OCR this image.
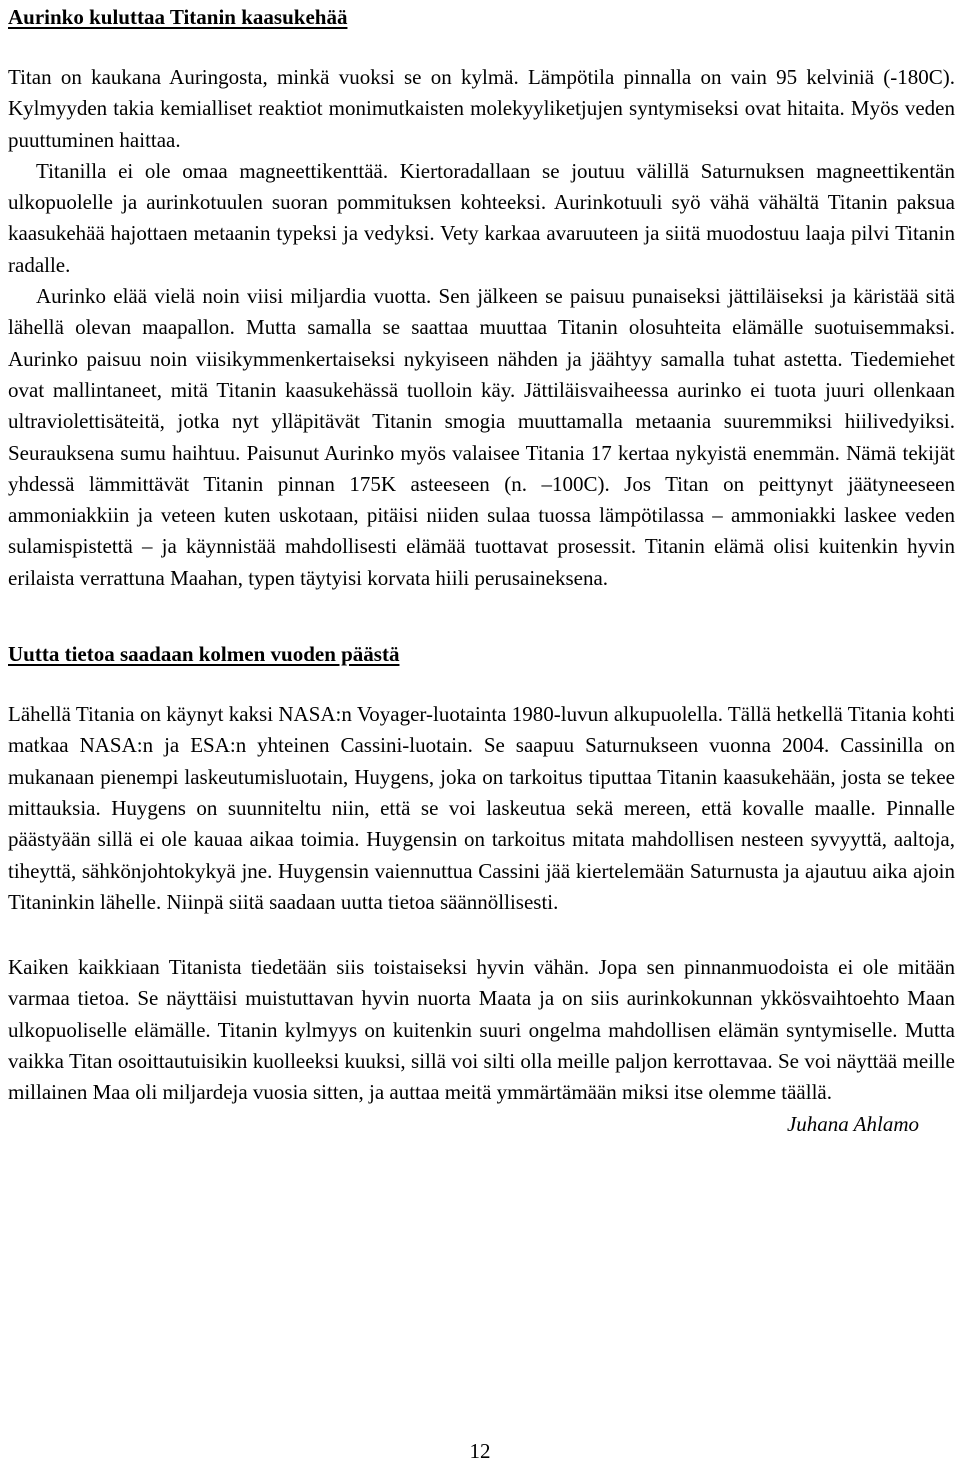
Aurinko kuluttaa Titanin kaasukehää

Titan on kaukana Auringosta, minkä vuoksi se on kylmä. Lämpötila pinnalla on vain 95 kelviniä (-180C). Kylmyyden takia kemialliset reaktiot monimutkaisten molekyyliketjujen syntymiseksi ovat hitaita. Myös veden puuttuminen haittaa.
Titanilla ei ole omaa magneettikenttää. Kiertoradallaan se joutuu välillä Saturnuksen magneettikentän ulkopuolelle ja aurinkotuulen suoran pommituksen kohteeksi. Aurinkotuuli syö vähä vähältä Titanin paksua kaasukehää hajottaen metaanin typeksi ja vedyksi. Vety karkaa avaruuteen ja siitä muodostuu laaja pilvi Titanin radalle.
Aurinko elää vielä noin viisi miljardia vuotta. Sen jälkeen se paisuu punaiseksi jättiläiseksi ja käristää sitä lähellä olevan maapallon. Mutta samalla se saattaa muuttaa Titanin olosuhteita elämälle suotuisemmaksi. Aurinko paisuu noin viisikymmenkertaiseksi nykyiseen nähden ja jäähtyy samalla tuhat astetta. Tiedemiehet ovat mallintaneet, mitä Titanin kaasukehässä tuolloin käy. Jättiläisvaiheessa aurinko ei tuota juuri ollenkaan ultraviolettisäteitä, jotka nyt ylläpitävät Titanin smogia muuttamalla metaania suuremmiksi hiilivedyiksi. Seurauksena sumu haihtuu. Paisunut Aurinko myös valaisee Titania 17 kertaa nykyistä enemmän. Nämä tekijät yhdessä lämmittävät Titanin pinnan 175K asteeseen (n. –100C). Jos Titan on peittynyt jäätyneeseen ammoniakkiin ja veteen kuten uskotaan, pitäisi niiden sulaa tuossa lämpötilassa – ammoniakki laskee veden sulamispistettä – ja käynnistää mahdollisesti elämää tuottavat prosessit. Titanin elämä olisi kuitenkin hyvin erilaista verrattuna Maahan, typen täytyisi korvata hiili perusaineksena.

Uutta tietoa saadaan kolmen vuoden päästä

Lähellä Titania on käynyt kaksi NASA:n Voyager-luotainta 1980-luvun alkupuolella. Tällä hetkellä Titania kohti matkaa NASA:n ja ESA:n yhteinen Cassini-luotain. Se saapuu Saturnukseen vuonna 2004. Cassinilla on mukanaan pienempi laskeutumisluotain, Huygens, joka on tarkoitus tiputtaa Titanin kaasukehään, josta se tekee mittauksia. Huygens on suunniteltu niin, että se voi laskeutua sekä mereen, että kovalle maalle. Pinnalle päästyään sillä ei ole kauaa aikaa toimia. Huygensin on tarkoitus mitata mahdollisen nesteen syvyyttä, aaltoja, tiheyttä, sähkönjohtokykyä jne. Huygensin vaiennuttua Cassini jää kiertelemään Saturnusta ja ajautuu aika ajoin Titaninkin lähelle. Niinpä siitä saadaan uutta tietoa säännöllisesti.

Kaiken kaikkiaan Titanista tiedetään siis toistaiseksi hyvin vähän. Jopa sen pinnanmuodoista ei ole mitään varmaa tietoa. Se näyttäisi muistuttavan hyvin nuorta Maata ja on siis aurinkokunnan ykkösvaihtoehto Maan ulkopuoliselle elämälle. Titanin kylmyys on kuitenkin suuri ongelma mahdollisen elämän syntymiselle. Mutta vaikka Titan osoittautuisikin kuolleeksi kuuksi, sillä voi silti olla meille paljon kerrottavaa. Se voi näyttää meille millainen Maa oli miljardeja vuosia sitten, ja auttaa meitä ymmärtämään miksi itse olemme täällä.
Juhana Ahlamo

12
